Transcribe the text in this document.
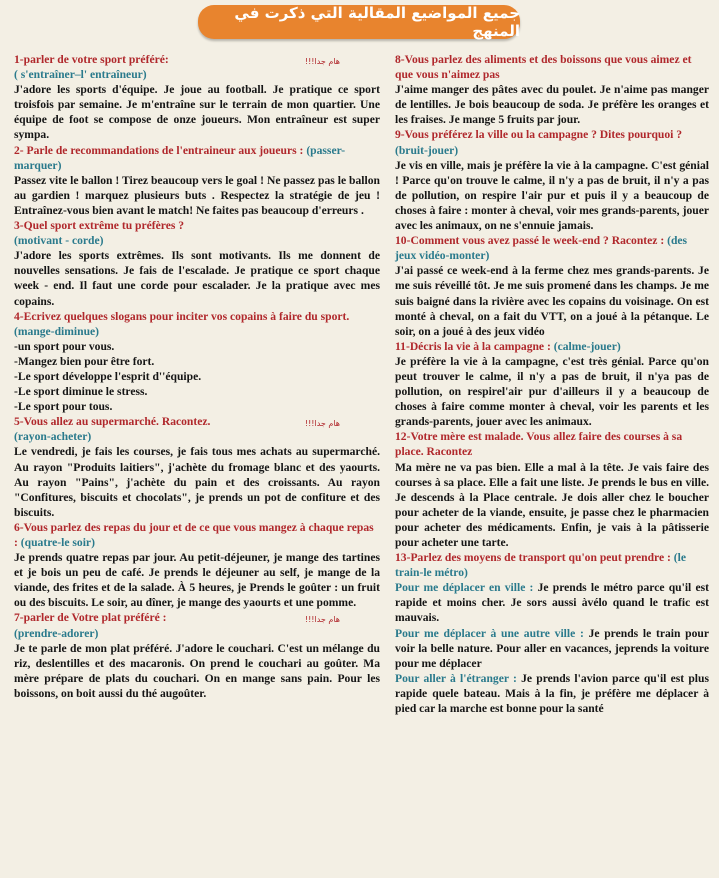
جميع المواضيع المقالية التي ذكرت في المنهج

هام جدا!!!
1-parler de votre sport préféré:

( s'entraîner–l' entraîneur)

J'adore les sports d'équipe. Je joue au football. Je pratique ce sport troisfois par semaine. Je m'entraîne sur le terrain de mon quartier. Une équipe de foot se compose de onze joueurs. Mon entraîneur est super sympa.

2- Parle de recommandations de l'entraineur aux joueurs : (passer-marquer)

Passez vite le ballon ! Tirez beaucoup vers le goal ! Ne passez pas le ballon au gardien ! marquez plusieurs buts . Respectez la stratégie de jeu ! Entraînez-vous bien avant le match! Ne faites pas beaucoup d'erreurs .

3-Quel sport extrême tu préfères ?

(motivant - corde)

J'adore les sports extrêmes. Ils sont motivants. Ils me donnent de nouvelles sensations. Je fais de l'escalade. Je pratique ce sport chaque week - end. Il faut une corde pour escalader. Je la pratique avec mes copains.

4-Ecrivez quelques slogans pour inciter vos copains à faire du sport. (mange-diminue)

-un sport pour vous.

-Mangez bien pour être fort.

-Le sport développe l'esprit d''équipe.

-Le sport diminue le stress.

-Le sport pour tous.

هام جدا!!!
5-Vous allez au supermarché. Racontez.

(rayon-acheter)

Le vendredi, je fais les courses, je fais tous mes achats au supermarché. Au rayon "Produits laitiers", j'achète du fromage blanc et des yaourts. Au rayon "Pains", j'achète du pain et des croissants. Au rayon "Confitures, biscuits et chocolats", je prends un pot de confiture et des biscuits.

6-Vous parlez des repas du jour et de ce que vous mangez à chaque repas : (quatre-le soir)

Je prends quatre repas par jour. Au petit-déjeuner, je mange des tartines et je bois un peu de café. Je prends le déjeuner au self, je mange de la viande, des frites et de la salade. À 5 heures, je Prends le goûter : un fruit ou des biscuits. Le soir, au dîner, je mange des yaourts et une pomme.

هام جدا!!!
7-parler de Votre plat préféré :

(prendre-adorer)

Je te parle de mon plat préféré. J'adore le couchari. C'est un mélange du riz, deslentilles et des macaronis. On prend le couchari au goûter. Ma mère prépare de plats du couchari. On en mange sans pain. Pour les boissons, on boit aussi du thé augoûter.

8-Vous parlez des aliments et des boissons que vous aimez et que vous n'aimez pas

J'aime manger des pâtes avec du poulet. Je n'aime pas manger de lentilles. Je bois beaucoup de soda. Je préfère les oranges et les fraises. Je mange 5 fruits par jour.

9-Vous préférez la ville ou la campagne ? Dites pourquoi ? (bruit-jouer)

Je vis en ville, mais je préfère la vie à la campagne. C'est génial ! Parce qu'on trouve le calme, il n'y a pas de bruit, il n'y a pas de pollution, on respire l'air pur et puis il y a beaucoup de choses à faire : monter à cheval, voir mes grands-parents, jouer avec les animaux, on ne s'ennuie jamais.

10-Comment vous avez passé le week-end ? Racontez : (des jeux vidéo-monter)

J'ai passé ce week-end à la ferme chez mes grands-parents. Je me suis réveillé tôt. Je me suis promené dans les champs. Je me suis baigné dans la rivière avec les copains du voisinage. On est monté à cheval, on a fait du VTT, on a joué à la pétanque. Le soir, on a joué à des jeux vidéo

11-Décris la vie à la campagne : (calme-jouer)

Je préfère la vie à la campagne, c'est très génial. Parce qu'on peut trouver le calme, il n'y a pas de bruit, il n'ya pas de pollution, on respirel'air pur d'ailleurs il y a beaucoup de choses à faire comme monter à cheval, voir les parents et les grands-parents, jouer avec les animaux.

12-Votre mère est malade. Vous allez faire des courses à sa place. Racontez

Ma mère ne va pas bien. Elle a mal à la tête. Je vais faire des courses à sa place. Elle a fait une liste. Je prends le bus en ville. Je descends à la Place centrale. Je dois aller chez le boucher pour acheter de la viande, ensuite, je passe chez le pharmacien pour acheter des médicaments. Enfin, je vais à la pâtisserie pour acheter une tarte.

13-Parlez des moyens de transport qu'on peut prendre : (le train-le métro)

Pour me déplacer en ville : Je prends le métro parce qu'il est rapide et moins cher. Je sors aussi àvélo quand le trafic est mauvais.

Pour me déplacer à une autre ville : Je prends le train pour voir la belle nature. Pour aller en vacances, jeprends la voiture pour me déplacer

Pour aller à l'étranger : Je prends l'avion parce qu'il est plus rapide quele bateau. Mais à la fin, je préfère me déplacer à pied car la marche est bonne pour la santé
